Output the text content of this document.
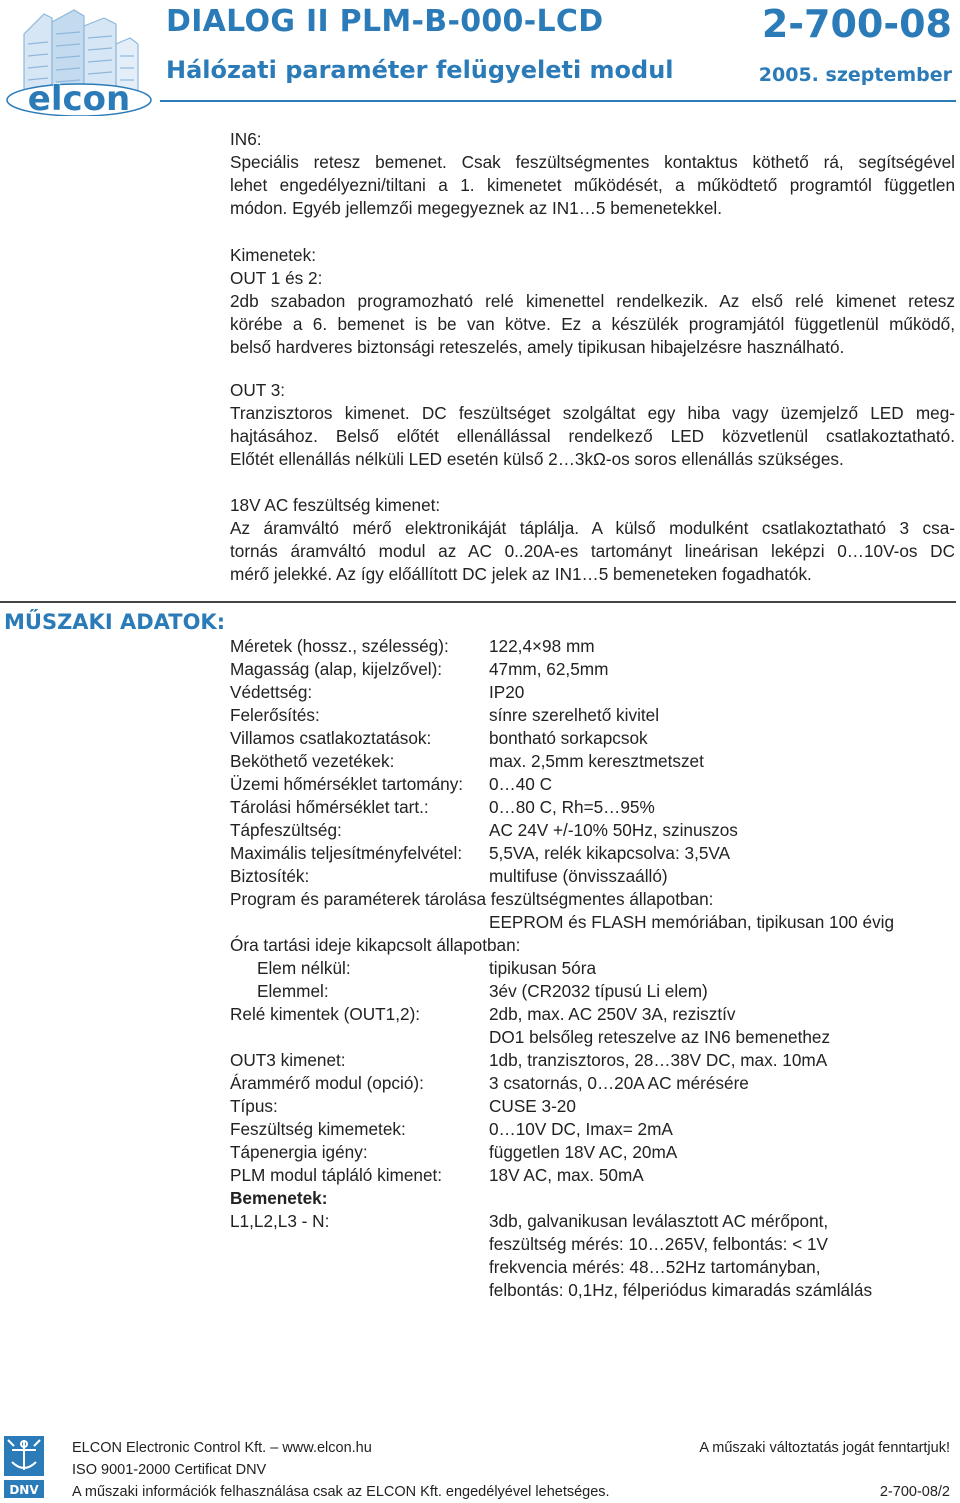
elcon
DIALOG II PLM-B-000-LCD
Hálózati paraméter felügyeleti modul
2-700-08
2005. szeptember
IN6:
Speciális retesz bemenet. Csak feszültségmentes kontaktus köthető rá, segítségével
lehet engedélyezni/tiltani a 1. kimenetet működését, a működtető programtól független
módon. Egyéb jellemzői megegyeznek az IN1…5 bemenetekkel.
Kimenetek:
OUT 1 és 2:
2db szabadon programozható relé kimenettel rendelkezik. Az első relé kimenet retesz
körébe a 6. bemenet is be van kötve. Ez a készülék programjától függetlenül működő,
belső hardveres biztonsági reteszelés, amely tipikusan hibajelzésre használható.
OUT 3:
Tranzisztoros kimenet. DC feszültséget szolgáltat egy hiba vagy üzemjelző LED meg-
hajtásához. Belső előtét ellenállással rendelkező LED közvetlenül csatlakoztatható.
Előtét ellenállás nélküli LED esetén külső 2…3kΩ-os soros ellenállás szükséges.
18V AC feszültség kimenet:
Az áramváltó mérő elektronikáját táplálja. A külső modulként csatlakoztatható 3 csa-
tornás áramváltó modul az AC 0..20A-es tartományt lineárisan leképzi 0…10V-os DC
mérő jelekké. Az így előállított DC jelek az IN1…5 bemeneteken fogadhatók.
MŰSZAKI ADATOK:
Méretek (hossz., szélesség): 122,4×98 mm
Magasság (alap, kijelzővel):	47mm, 62,5mm
Védettség:	IP20
Felerősítés:	sínre szerelhető kivitel
Villamos csatlakoztatások:	bontható sorkapcsok
Beköthető vezetékek:	max. 2,5mm keresztmetszet
Üzemi hőmérséklet tartomány: 0…40 C
Tárolási hőmérséklet tart.:	0…80 C, Rh=5…95%
Tápfeszültség:	AC 24V +/-10% 50Hz, szinuszos
Maximális teljesítményfelvétel: 5,5VA, relék kikapcsolva: 3,5VA
Biztosíték:	multifuse (önvisszaálló)
Program és paraméterek tárolása feszültségmentes állapotban:
EEPROM és FLASH memóriában, tipikusan 100 évig
Óra tartási ideje kikapcsolt állapotban:
Elem nélkül:	tipikusan 5óra
Elemmel:	3év (CR2032 típusú Li elem)
Relé kimentek (OUT1,2):	2db, max. AC 250V 3A, rezisztív
DO1 belsőleg reteszelve az IN6 bemenethez
OUT3 kimenet:	1db, tranzisztoros, 28…38V DC, max. 10mA
Árammérő modul (opció):	3 csatornás, 0…20A AC mérésére
Típus:	CUSE 3-20
Feszültség kimemetek:	0…10V DC, Imax= 2mA
Tápenergia igény:	független 18V AC, 20mA
PLM modul tápláló kimenet:	18V AC, max. 50mA
Bemenetek:
L1,L2,L3 - N:	3db, galvanikusan leválasztott AC mérőpont,
feszültség mérés: 10…265V, felbontás: < 1V
frekvencia mérés: 48…52Hz tartományban,
felbontás: 0,1Hz, félperiódus kimaradás számlálás
DNV
ELCON Electronic Control Kft. – www.elcon.hu	A műszaki változtatás jogát fenntartjuk!
ISO 9001-2000 Certificat DNV
A műszaki információk felhasználása csak az ELCON Kft. engedélyével lehetséges.	2-700-08/2
